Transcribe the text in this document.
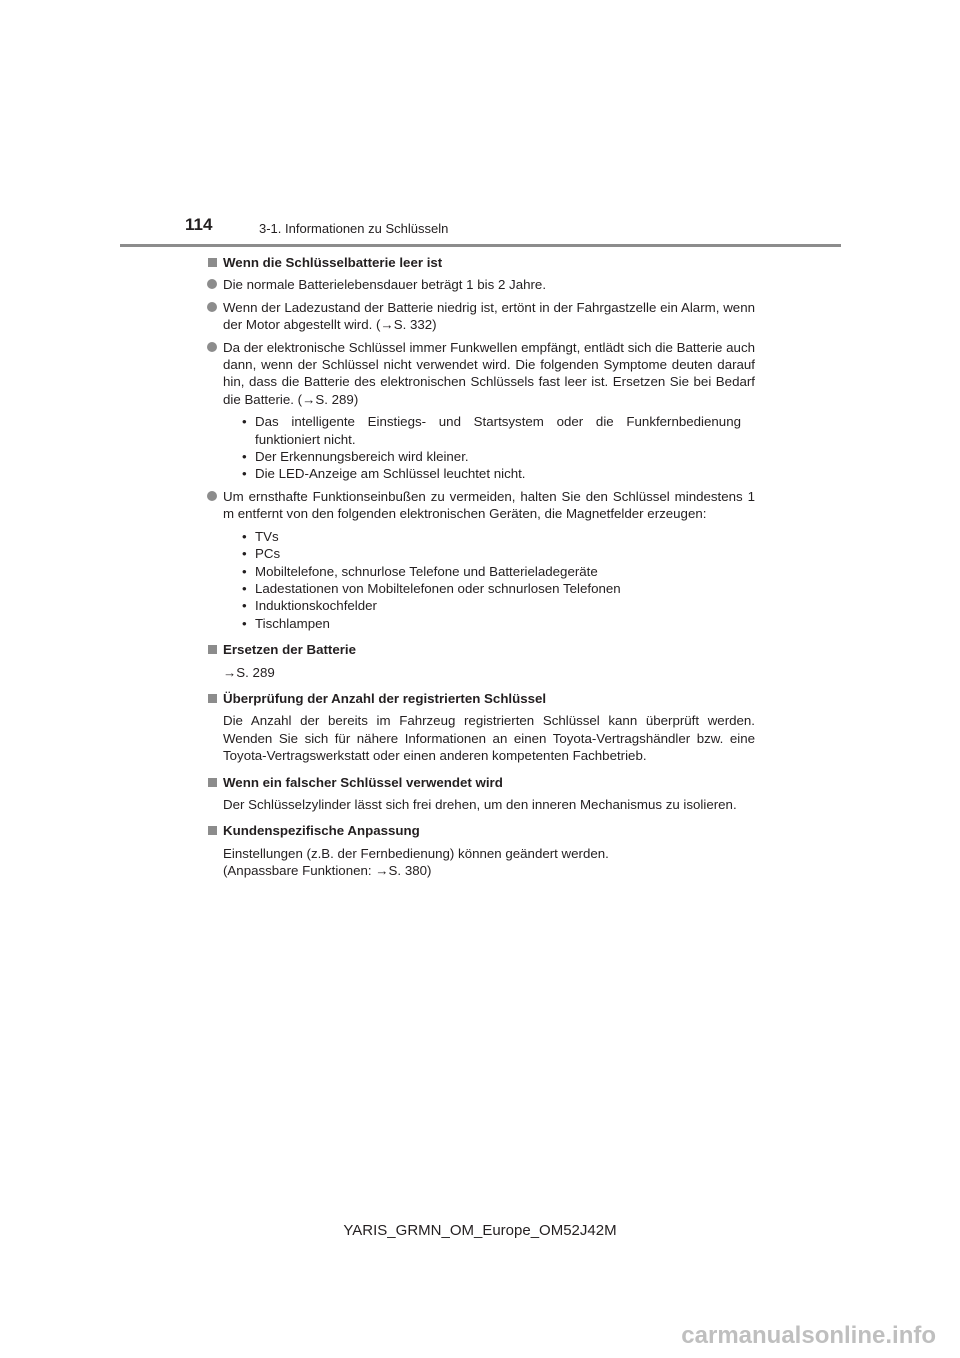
114	3-1. Informationen zu Schlüsseln
Wenn die Schlüsselbatterie leer ist
Die normale Batterielebensdauer beträgt 1 bis 2 Jahre.
Wenn der Ladezustand der Batterie niedrig ist, ertönt in der Fahrgastzelle ein Alarm, wenn der Motor abgestellt wird. (→S. 332)
Da der elektronische Schlüssel immer Funkwellen empfängt, entlädt sich die Batterie auch dann, wenn der Schlüssel nicht verwendet wird. Die folgenden Symptome deuten darauf hin, dass die Batterie des elektronischen Schlüssels fast leer ist. Ersetzen Sie bei Bedarf die Batterie. (→S. 289)
• Das intelligente Einstiegs- und Startsystem oder die Funkfernbedienung funktioniert nicht.
• Der Erkennungsbereich wird kleiner.
• Die LED-Anzeige am Schlüssel leuchtet nicht.
Um ernsthafte Funktionseinbußen zu vermeiden, halten Sie den Schlüssel mindestens 1 m entfernt von den folgenden elektronischen Geräten, die Magnetfelder erzeugen:
• TVs
• PCs
• Mobiltelefone, schnurlose Telefone und Batterieladegeräte
• Ladestationen von Mobiltelefonen oder schnurlosen Telefonen
• Induktionskochfelder
• Tischlampen
Ersetzen der Batterie
→S. 289
Überprüfung der Anzahl der registrierten Schlüssel
Die Anzahl der bereits im Fahrzeug registrierten Schlüssel kann überprüft werden. Wenden Sie sich für nähere Informationen an einen Toyota-Vertragshändler bzw. eine Toyota-Vertragswerkstatt oder einen anderen kompetenten Fachbetrieb.
Wenn ein falscher Schlüssel verwendet wird
Der Schlüsselzylinder lässt sich frei drehen, um den inneren Mechanismus zu isolieren.
Kundenspezifische Anpassung
Einstellungen (z.B. der Fernbedienung) können geändert werden.
(Anpassbare Funktionen: →S. 380)
YARIS_GRMN_OM_Europe_OM52J42M
carmanualsonline.info
